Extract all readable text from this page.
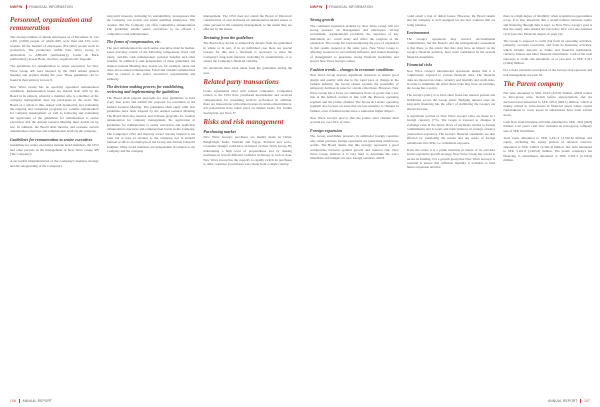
NWPW FINANCIAL INFORMATION
Personnel, organization and remuneration

The average number of annual employees as of December 31 was 2,491 (2,690) people, of which 68% were men and 32% were women. Of the number of employees, 852 (902) people work in production. The production within New Wave Group is attributable to AHEAD (embroidery), Cutter & Buck (embroidery), Kosta Boda, Orrefors, Sagaform and Toppoint.

The guidelines for remuneration to senior executives for New Wave Group AB were adopted by the 2024 annual general meeting and applied during the year. These guidelines can be found in their entirety in note 8.

New Wave Group has no specially appointed remuneration committee. Remuneration issues are instead dealt with by the Board in its entirety, whereby a member who is a member of the company management does not participate in the work. The Board as a whole is thus tasked with monitoring and evaluating the ongoing and completed programs for variable remuneration for company management, as well as following and evaluating the application of the guidelines for remuneration to senior executives that the Annual General Meeting must decide on by law. In addition, the Board shall monitor and evaluate current remuneration structures and remuneration levels in the company.

Guidelines for remuneration to senior executives

Guidelines for senior executives include board members, the CEO and other persons in the management of New Wave Group AB ('the Company').

A successful implementation of the Company's business strategy and the safeguarding of the Company's

long-term interests, including its sustainability, presupposes that the Company can recruit and retain qualified employees. This requires that the Company can offer competitive remuneration. The guidelines enable senior executives to be offered a competitive total remuneration.

The forms of compensation, etc.

The total remuneration for each senior executive must be market-based and may consist of the following components: fixed cash salary, variable cash remuneration, pension benefits and other benefits. In addition to and independent of these guidelines, the Annual General Meeting may decide on, for example, share and share price-related remuneration. Fixed and variable remuneration shall be related to the senior executive's responsibility and authority.

The decision-making process for establishing, reviewing and implementing the guidelines

The Board shall prepare proposals for new guidelines at least every four years and submit the proposal for resolution at the Annual General Meeting. The guidelines shall apply until new guidelines have been adopted by the Annual General Meeting. The Board shall also monitor and evaluate programs for variable remuneration for company management, the application of guidelines for remuneration to senior executives and applicable remuneration structures and remuneration levels in the Company. The Company's CEO and majority owner Torsten Jansson is not paid, but at least in relation to the company, nor is Isabella Jansson or this is an employee of the Group and Torsten Jansson's daughter. Other board members are independent in relation to the Company and the company

management. The CEO does not attend the Board of Directors' consideration of and decisions on remuneration-related issues or other persons in the company management, to the extent they are affected by the issues.

Deviating from the guidelines

The Board may decide to temporarily deviate from the guidelines in whole or in part, if in an individual case there are special reasons for this and a deviation is necessary to meet the Company's long-term interests, including its sustainability, or to ensure the Company's financial viability.

No deviations have been made from the guidelines during the year.

Related party transactions

Loans agreements exist with related companies. Companies related to the CEO have purchased merchandise and received compensation for consulting services performed. In addition, there are transactions with related parties in rental-related matters. All transactions have taken place on market terms. For further description, see Note 37.

Risks and risk management
Purchasing market

New Wave Group's purchases are mainly made in China, Bangladesh, India, Vietnam and Egypt. Political and socio-economic changes could have an impact on New Wave Group. By maintaining a high level of preparedness and by making purchases in several different countries in Europe as well as Asia, New Wave Group has the capacity to rapidly switch its purchases to other countries if purchases were made from a single country.

106 ANNUAL REPORT
NWPW FINANCIAL INFORMATION
Strong growth

The continued expansion planned by New Wave Group will put strong pressure on management and employees. Wrong recruitment, organizational problems, the departure of key individuals etc. could delay and affect the progress of the expansion. The Group has been monitoring the pace of expansion in that results respond at the same pace. New Wave Group is affecting resources to successfully influence and annual meetings of management to guarantee strong financial leadership and spread New Wave Group's values.

Fashion trends – changes in economic conditions

New Wave Group devotes significant resources to ensure good design and quality with due to the rapid pace of change in the fashion industry, the Group cannot exclude the possibility of temporary declines in sales for certain collections. However, New Wave Group has a focus on continuous flows of goods and a low risk in the fashion content in line with the Purpose operating segment and the promo channel. The Sports & Leisure operating segment also focuses on areas that are less sensitive to changes in fashion, even if fashion trends have a somewhat higher impact.

New Wave Group's goal is that the promo sales channel shall account for over 50% of sales.

Foreign expansion

The Group establishes presence in additional foreign countries only when previous foreign operations are generating satisfactory profits. The Board deems that this strategy represents a good compromise between optimal growth and reduced risk. New Wave Group believes it is very hard to determine the exact timetables and budgets for new foreign ventures, which

could entail a risk of initial losses. However, the Board deems that the company is well equipped for the new ventures that are being planned.

Environment

The Group's operations may involve environmental commitments, but the Board's and the management's assessment is that there, to the extent that they may have an impact on the Group's financial position, have been considered in the present financial statements.

Financial risks

New Wave Group's international operations means that it is continuously exposed to various financial risks. The financial risks are interest rate risks, currency and liquidity and credit risks. In order to minimize the effect these risks may have on earnings, the Group has a policy.

The Group's policy is to have short fixed-rate interest periods and distributed across the Group loans. Hedging interest rates for long-term financing has the effect of stabilizing the Group's net interest income.

A significant portion of New Wave Group's sales are made in a foreign currency (7%). The Group is exposed to changes in exchange rates in the future flows of payments related to foreign commitments and to loans and bank balances in foreign currency (transaction exposure). The Group's financial statements are also affected by translating the results and net assets of foreign subsidiaries into SEK, i.e. translation exposure.

From the outset it is a prime intention in nature of its activities and its expansive growth strategy, New Wave Group has a need to secure its funding. For a growth group like New Wave Group it is essential to ensure that sufficient liquidity is available to fund future expansion and that

there is a high degree of flexibility when acquisition opportunities occur. It is also important that a sound balance between equity and financing through debt is kept, so New Wave Group's goal is that the equity ratio should not fall below 40% over one business cycle (see also Financial targets on page 10).

The Group is exposed to credit risk from its operating activities, primarily accounts receivable, and from its financing activities, which include deposits at banks and financial institutions, currency futures and other financial instruments. Cash of the total exposure to credit risk amounted, as at year-end, to SEK 2,591 (2,894) million.

For a more extensive description of the Group's risk exposure and risk management see note 36.

The Parent company

Net sales amounted to SEK 164.0 (225.9) million, which relates to intra-group sales. Result before appropriations and tax decreased and amounted to SEK 595.6 (699.1) million, which is mainly related to write-downs of financial assets where capital contributions to cover losses in subsidiaries have been written down.

Cash flow from investing activities amounted to SEK -39.8 (49.8) million. Last year's cash flow included an intra-group company sale of SEK 99 million.

Total loans amounted to SEK 5,191.2 (3,520.8) million and equity, excluding the equity portion of untaxed reserves, amounted to SEK 5,669.5 (2,346.4) million. Net debt amounted to SEK 5,101.8 (3,465.6) million. The parent company's net financing to subsidiaries amounted to SEK 5,391.3 (2,154.6) million.

ANNUAL REPORT 107
